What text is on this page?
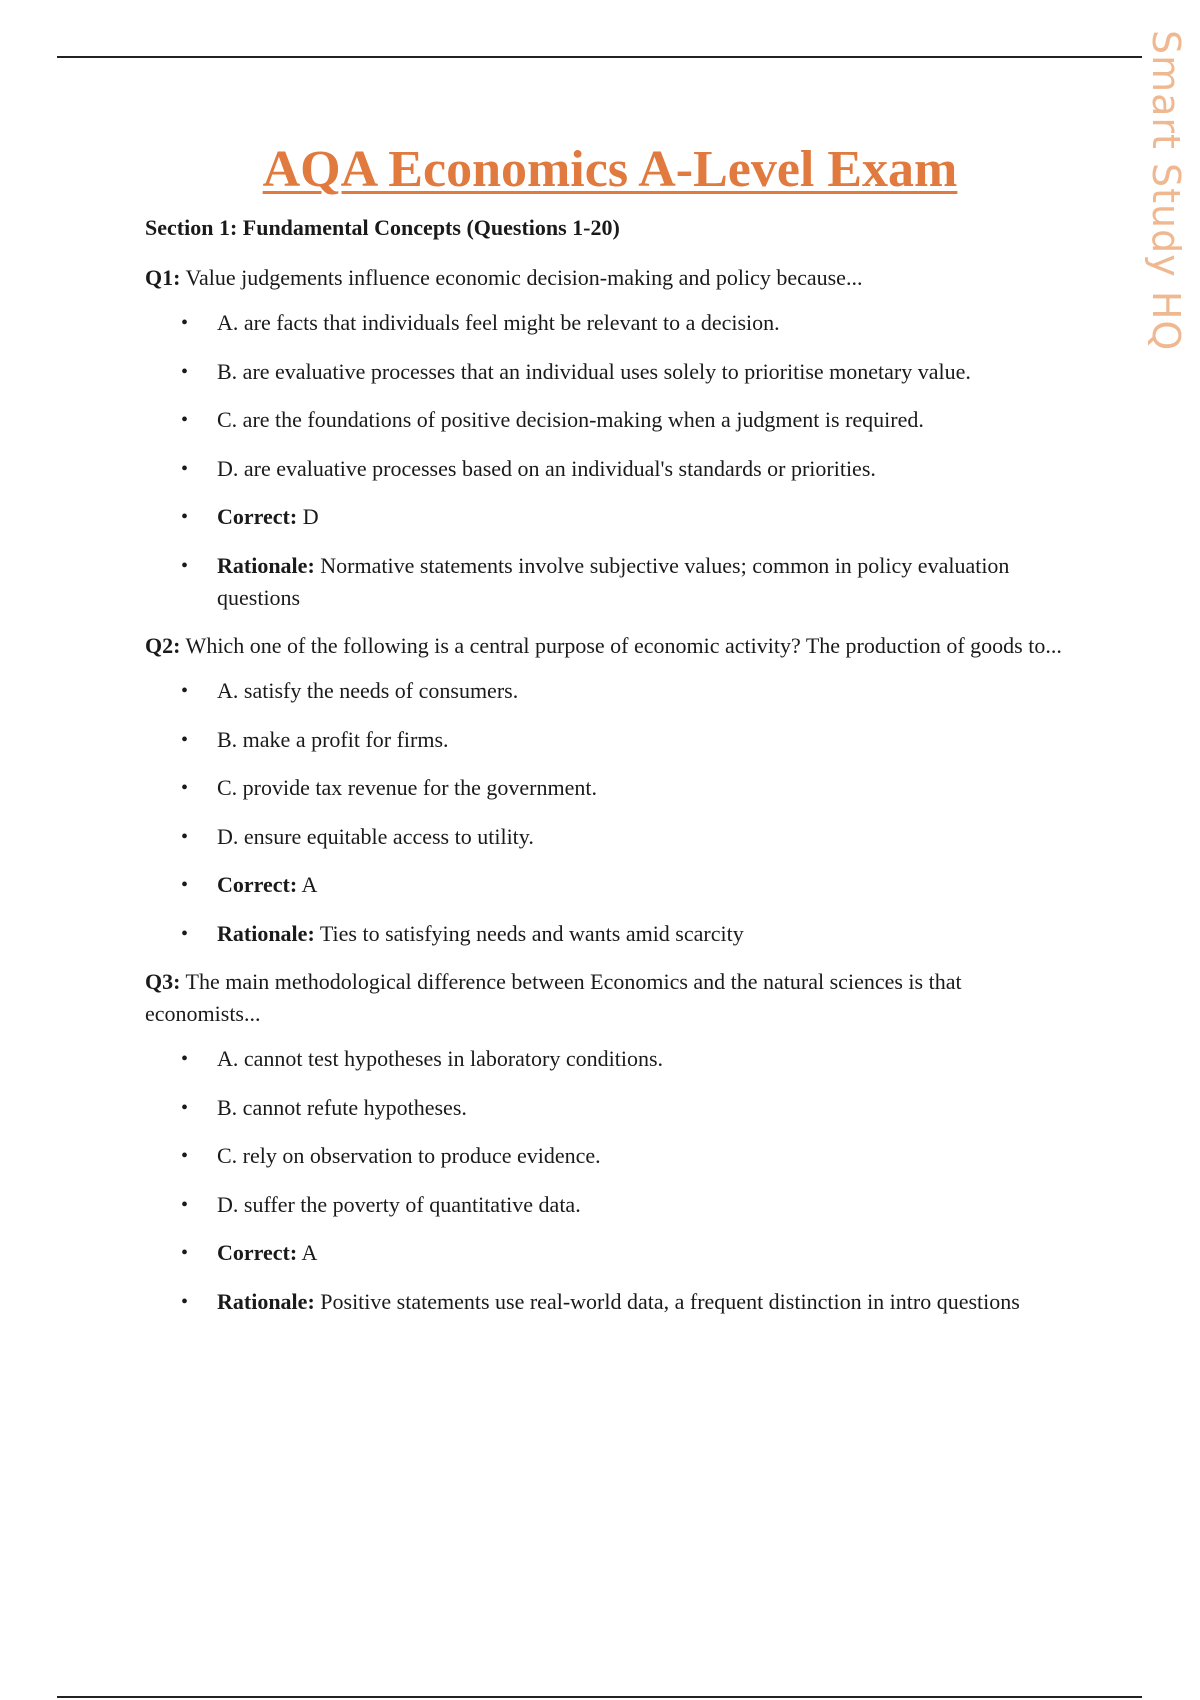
Smart Study HQ
AQA Economics A-Level Exam
Section 1: Fundamental Concepts (Questions 1-20)
Q1: Value judgements influence economic decision-making and policy because...
• A. are facts that individuals feel might be relevant to a decision.
• B. are evaluative processes that an individual uses solely to prioritise monetary value.
• C. are the foundations of positive decision-making when a judgment is required.
• D. are evaluative processes based on an individual's standards or priorities.
• Correct: D
• Rationale: Normative statements involve subjective values; common in policy evaluation questions
Q2: Which one of the following is a central purpose of economic activity? The production of goods to...
• A. satisfy the needs of consumers.
• B. make a profit for firms.
• C. provide tax revenue for the government.
• D. ensure equitable access to utility.
• Correct: A
• Rationale: Ties to satisfying needs and wants amid scarcity
Q3: The main methodological difference between Economics and the natural sciences is that economists...
• A. cannot test hypotheses in laboratory conditions.
• B. cannot refute hypotheses.
• C. rely on observation to produce evidence.
• D. suffer the poverty of quantitative data.
• Correct: A
• Rationale: Positive statements use real-world data, a frequent distinction in intro questions
